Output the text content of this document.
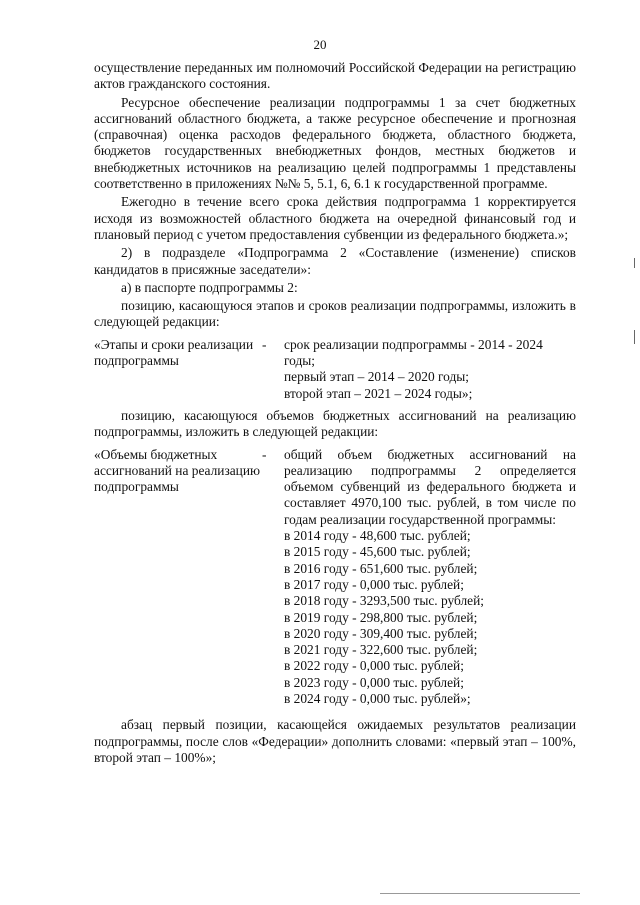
20

осуществление переданных им полномочий Российской Федерации на регистрацию актов гражданского состояния.

Ресурсное обеспечение реализации подпрограммы 1 за счет бюджетных ассигнований областного бюджета, а также ресурсное обеспечение и прогнозная (справочная) оценка расходов федерального бюджета, областного бюджета, бюджетов государственных внебюджетных фондов, местных бюджетов и внебюджетных источников на реализацию целей подпрограммы 1 представлены соответственно в приложениях №№ 5, 5.1, 6, 6.1 к государственной программе.

Ежегодно в течение всего срока действия подпрограмма 1 корректируется исходя из возможностей областного бюджета на очередной финансовый год и плановый период с учетом предоставления субвенции из федерального бюджета.»;

2) в подразделе «Подпрограмма 2 «Составление (изменение) списков кандидатов в присяжные заседатели»:

а) в паспорте подпрограммы 2:

позицию, касающуюся этапов и сроков реализации подпрограммы, изложить в следующей редакции:

«Этапы и сроки реализации подпрограммы
-	срок реализации подпрограммы - 2014 - 2024 годы;
первый этап – 2014 – 2020 годы;
второй этап – 2021 – 2024 годы»;

позицию, касающуюся объемов бюджетных ассигнований на реализацию подпрограммы, изложить в следующей редакции:

«Объемы бюджетных ассигнований на реализацию подпрограммы
-	общий объем бюджетных ассигнований на реализацию подпрограммы 2 определяется объемом субвенций из федерального бюджета и составляет 4970,100 тыс. рублей, в том числе по годам реализации государственной программы:

в 2014 году - 48,600 тыс. рублей;
в 2015 году - 45,600 тыс. рублей;
в 2016 году - 651,600 тыс. рублей;
в 2017 году - 0,000 тыс. рублей;
в 2018 году - 3293,500 тыс. рублей;
в 2019 году - 298,800 тыс. рублей;
в 2020 году - 309,400 тыс. рублей;
в 2021 году - 322,600 тыс. рублей;
в 2022 году - 0,000 тыс. рублей;
в 2023 году - 0,000 тыс. рублей;
в 2024 году - 0,000 тыс. рублей»;

абзац первый позиции, касающейся ожидаемых результатов реализации подпрограммы, после слов «Федерации» дополнить словами: «первый этап – 100%, второй этап – 100%»;
